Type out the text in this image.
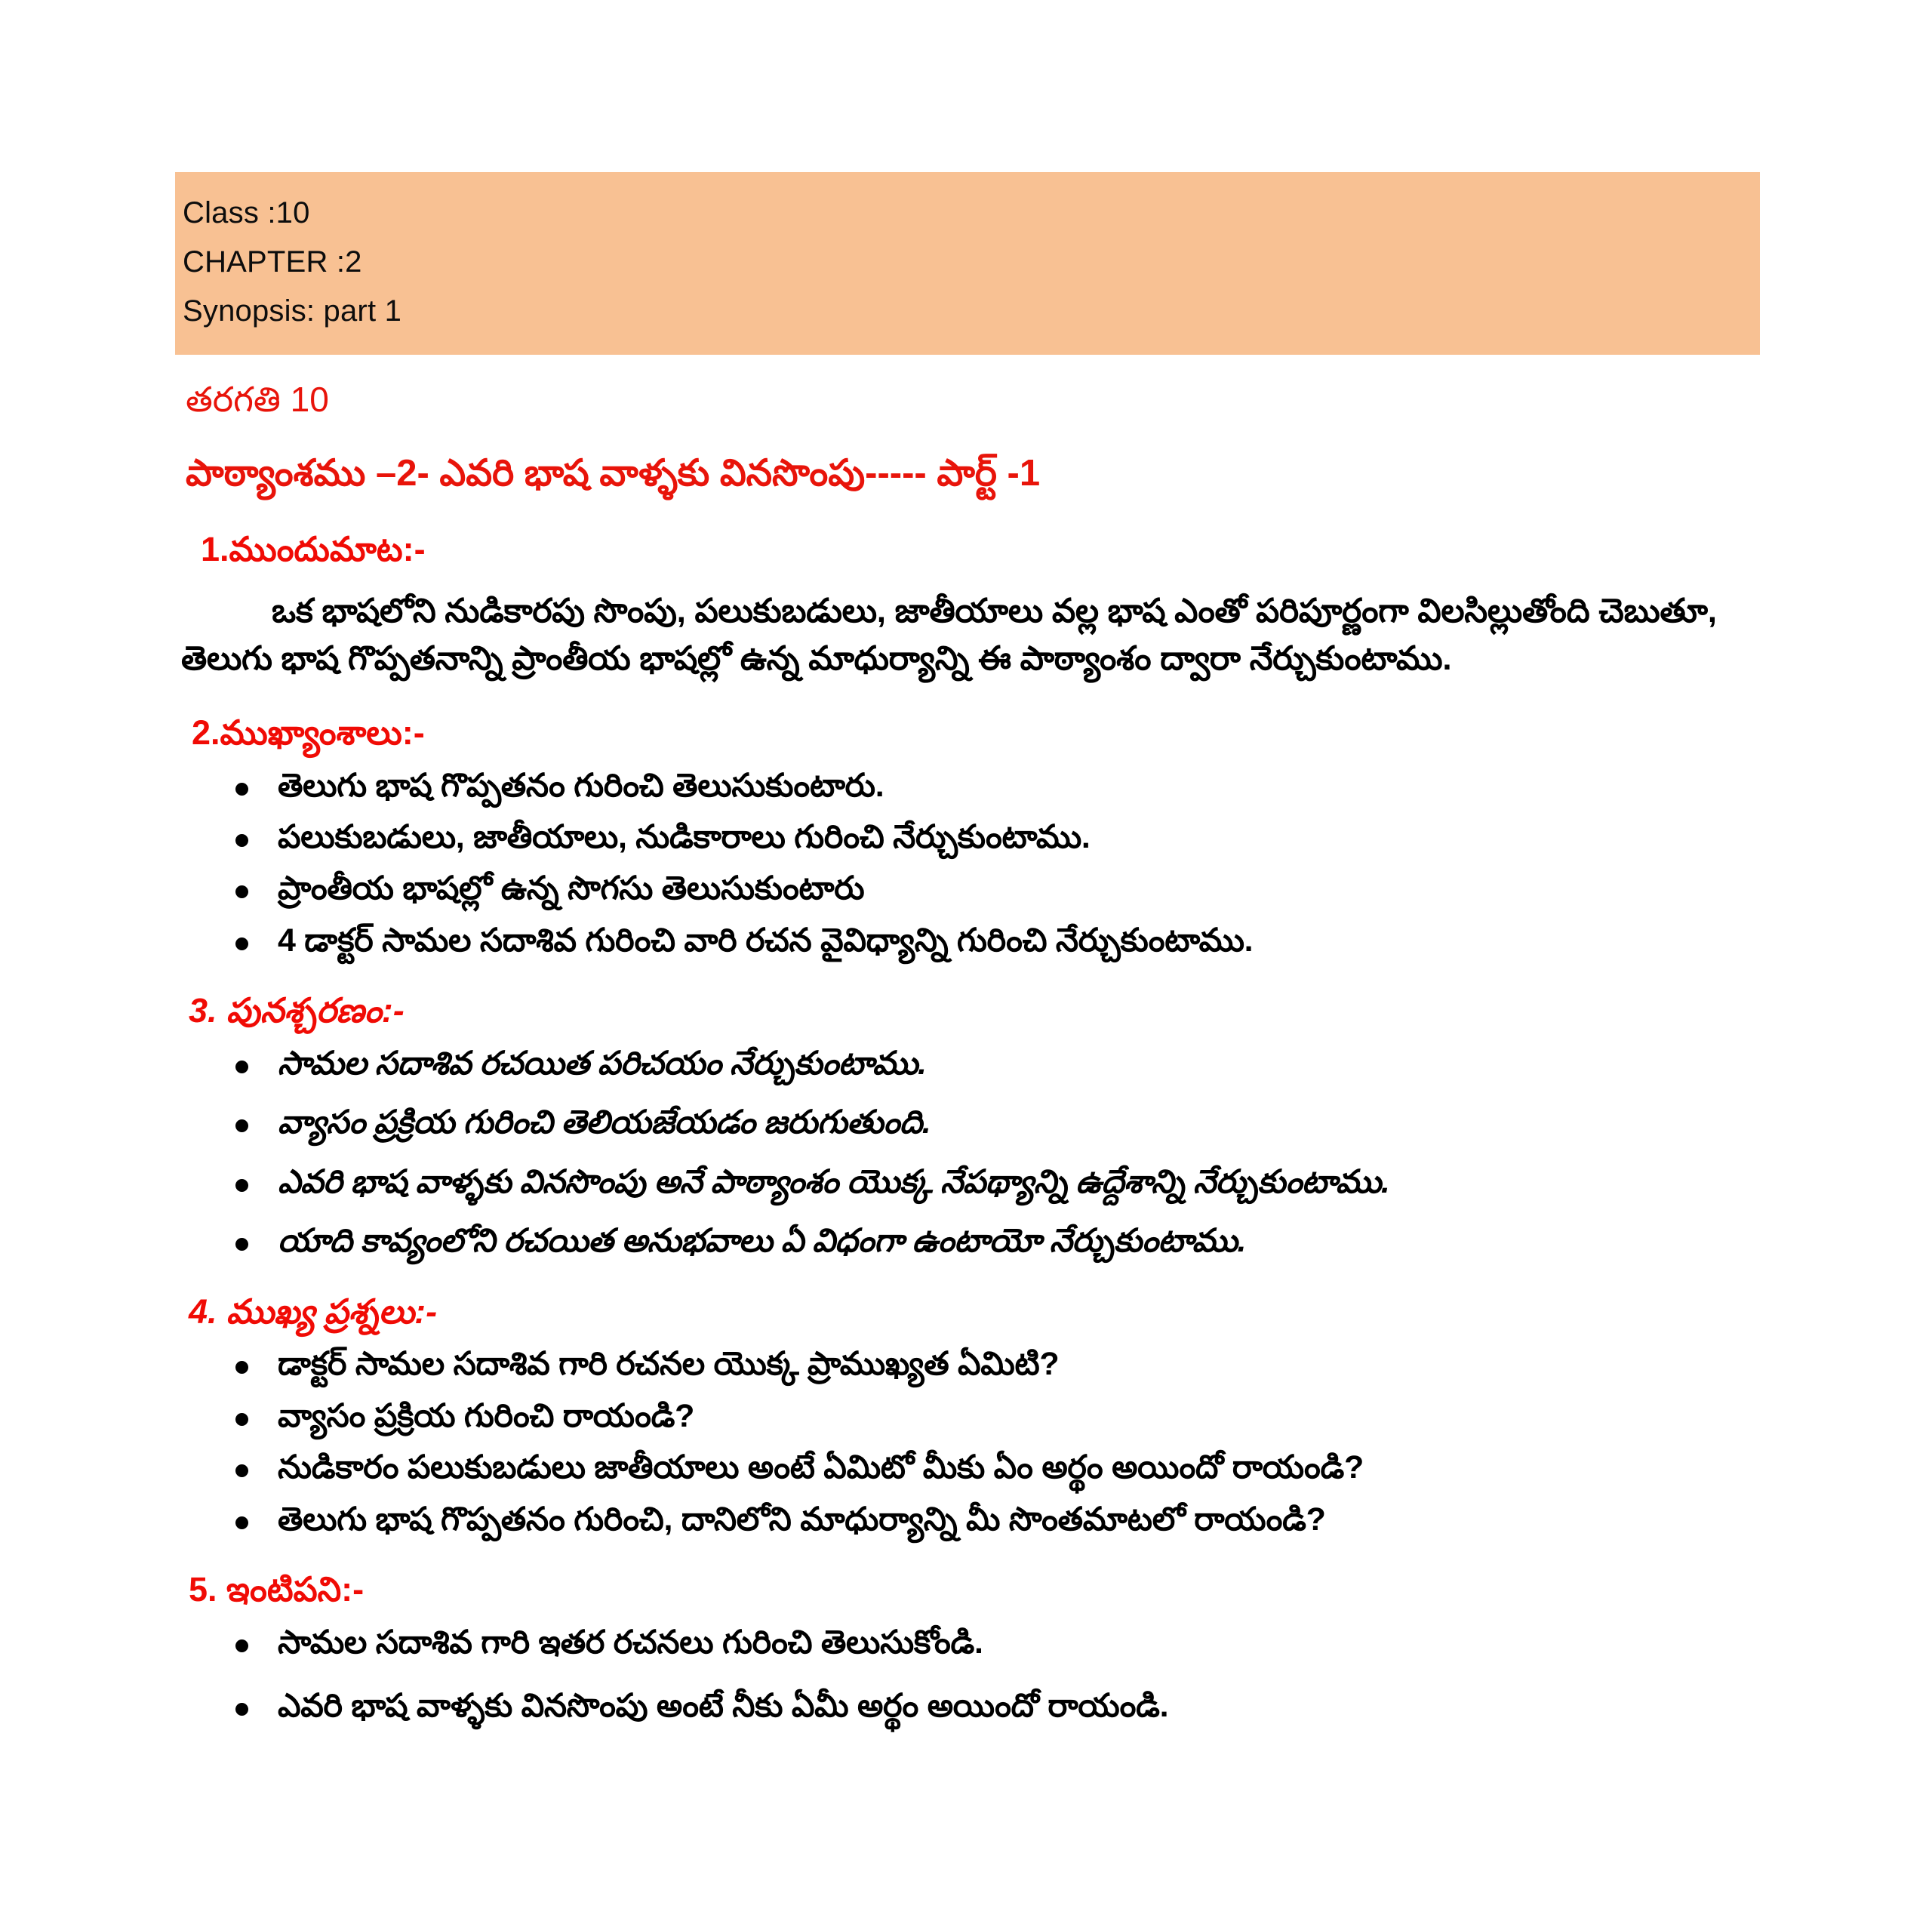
Class :10
CHAPTER :2
Synopsis: part 1
తరగతి 10
పాఠ్యాంశము –2- ఎవరి భాష వాళ్ళకు వినసొంపు----- పార్ట్ -1
1.ముందుమాట:-
ఒక భాషలోని నుడికారపు సొంపు, పలుకుబడులు, జాతీయాలు వల్ల భాష ఎంతో పరిపూర్ణంగా విలసిల్లుతోంది చెబుతూ, తెలుగు భాష గొప్పతనాన్ని ప్రాంతీయ భాషల్లో ఉన్న మాధుర్యాన్ని ఈ పాఠ్యాంశం ద్వారా నేర్చుకుంటాము.
2.ముఖ్యాంశాలు:-
తెలుగు భాష గొప్పతనం గురించి తెలుసుకుంటారు.
పలుకుబడులు, జాతీయాలు, నుడికారాలు గురించి నేర్చుకుంటాము.
ప్రాంతీయ భాషల్లో ఉన్న సొగసు తెలుసుకుంటారు
4 డాక్టర్ సామల సదాశివ గురించి వారి రచన వైవిధ్యాన్ని గురించి నేర్చుకుంటాము.
3. పునశ్చరణం:-
సామల సదాశివ రచయిత పరిచయం నేర్చుకుంటాము.
వ్యాసం ప్రక్రియ గురించి తెలియజేయడం జరుగుతుంది.
ఎవరి భాష వాళ్ళకు వినసొంపు అనే పాఠ్యాంశం యొక్క నేపథ్యాన్ని ఉద్దేశాన్ని నేర్చుకుంటాము.
యాది కావ్యంలోని రచయిత అనుభవాలు ఏ విధంగా ఉంటాయో నేర్చుకుంటాము.
4. ముఖ్య ప్రశ్నలు:-
డాక్టర్ సామల సదాశివ గారి రచనల యొక్క ప్రాముఖ్యత ఏమిటి?
వ్యాసం ప్రక్రియ గురించి రాయండి?
నుడికారం పలుకుబడులు జాతీయాలు అంటే ఏమిటో మీకు ఏం అర్థం అయిందో రాయండి?
తెలుగు భాష గొప్పతనం గురించి, దానిలోని మాధుర్యాన్ని మీ సొంతమాటలో రాయండి?
5. ఇంటిపని:-
సామల సదాశివ గారి ఇతర రచనలు గురించి తెలుసుకోండి.
ఎవరి భాష వాళ్ళకు వినసొంపు అంటే నీకు ఏమీ అర్థం అయిందో రాయండి.
